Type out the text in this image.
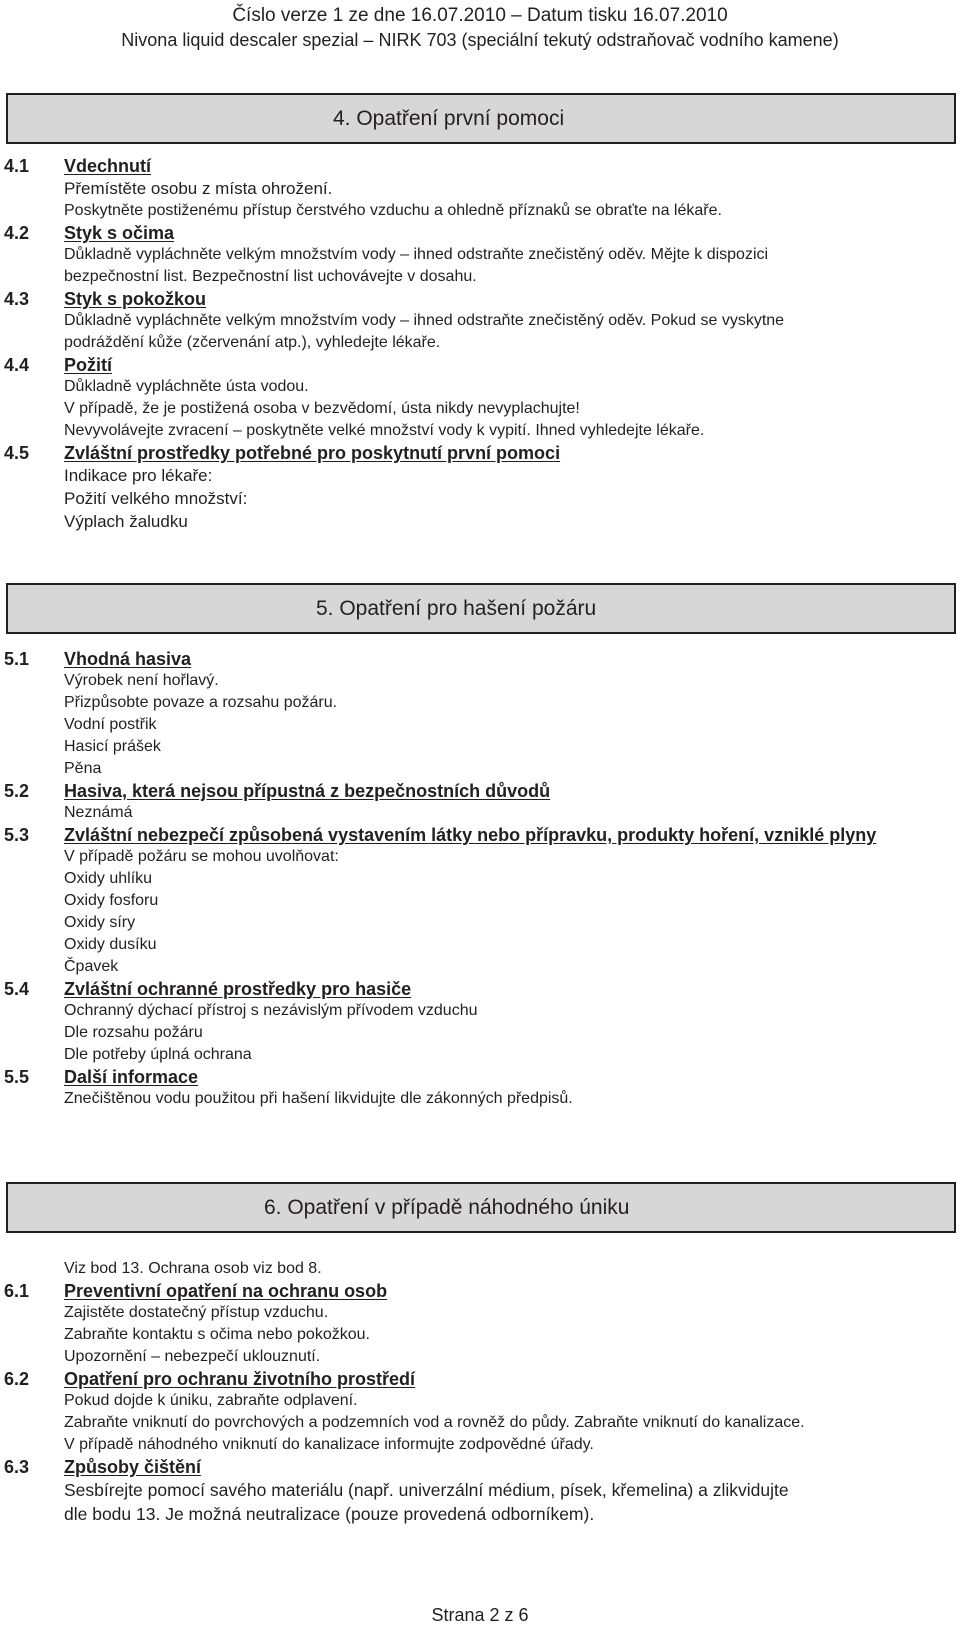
Číslo verze 1 ze dne 16.07.2010 – Datum tisku 16.07.2010
Nivona liquid descaler spezial – NIRK 703 (speciální tekutý odstraňovač vodního kamene)
4. Opatření první pomoci
4.1	Vdechnutí
Přemístěte osobu z místa ohrožení.
Poskytněte postiženému přístup čerstvého vzduchu a ohledně příznaků se obraťte na lékaře.
4.2	Styk s očima
Důkladně vypláchněte velkým množstvím vody – ihned odstraňte znečistěný oděv. Mějte k dispozici
bezpečnostní list. Bezpečnostní list uchovávejte v dosahu.
4.3	Styk s pokožkou
Důkladně vypláchněte velkým množstvím vody – ihned odstraňte znečistěný oděv. Pokud se vyskytne
podráždění kůže (zčervenání atp.), vyhledejte lékaře.
4.4	Požití
Důkladně vypláchněte ústa vodou.
V případě, že je postižená osoba v bezvědomí, ústa nikdy nevyplachujte!
Nevyvolávejte zvracení – poskytněte velké množství vody k vypití. Ihned vyhledejte lékaře.
4.5	Zvláštní prostředky potřebné pro poskytnutí první pomoci
Indikace pro lékaře:
Požití velkého množství:
Výplach žaludku
5. Opatření pro hašení požáru
5.1	Vhodná hasiva
Výrobek není hořlavý.
Přizpůsobte povaze a rozsahu požáru.
Vodní postřik
Hasicí prášek
Pěna
5.2	Hasiva, která nejsou přípustná z bezpečnostních důvodů
Neznámá
5.3	Zvláštní nebezpečí způsobená vystavením látky nebo přípravku, produkty hoření, vzniklé plyny
V případě požáru se mohou uvolňovat:
Oxidy uhlíku
Oxidy fosforu
Oxidy síry
Oxidy dusíku
Čpavek
5.4	Zvláštní ochranné prostředky pro hasiče
Ochranný dýchací přístroj s nezávislým přívodem vzduchu
Dle rozsahu požáru
Dle potřeby úplná ochrana
5.5	Další informace
Znečištěnou vodu použitou při hašení likvidujte dle zákonných předpisů.
6. Opatření v případě náhodného úniku
Viz bod 13. Ochrana osob viz bod 8.
6.1	Preventivní opatření na ochranu osob
Zajistěte dostatečný přístup vzduchu.
Zabraňte kontaktu s očima nebo pokožkou.
Upozornění – nebezpečí uklouznutí.
6.2	Opatření pro ochranu životního prostředí
Pokud dojde k úniku, zabraňte odplavení.
Zabraňte vniknutí do povrchových a podzemních vod a rovněž do půdy. Zabraňte vniknutí do kanalizace.
V případě náhodného vniknutí do kanalizace informujte zodpovědné úřady.
6.3	Způsoby čištění
Sesbírejte pomocí savého materiálu (např. univerzální médium, písek, křemelina) a zlikvidujte
dle bodu 13. Je možná neutralizace (pouze provedená odborníkem).
Strana 2 z 6
